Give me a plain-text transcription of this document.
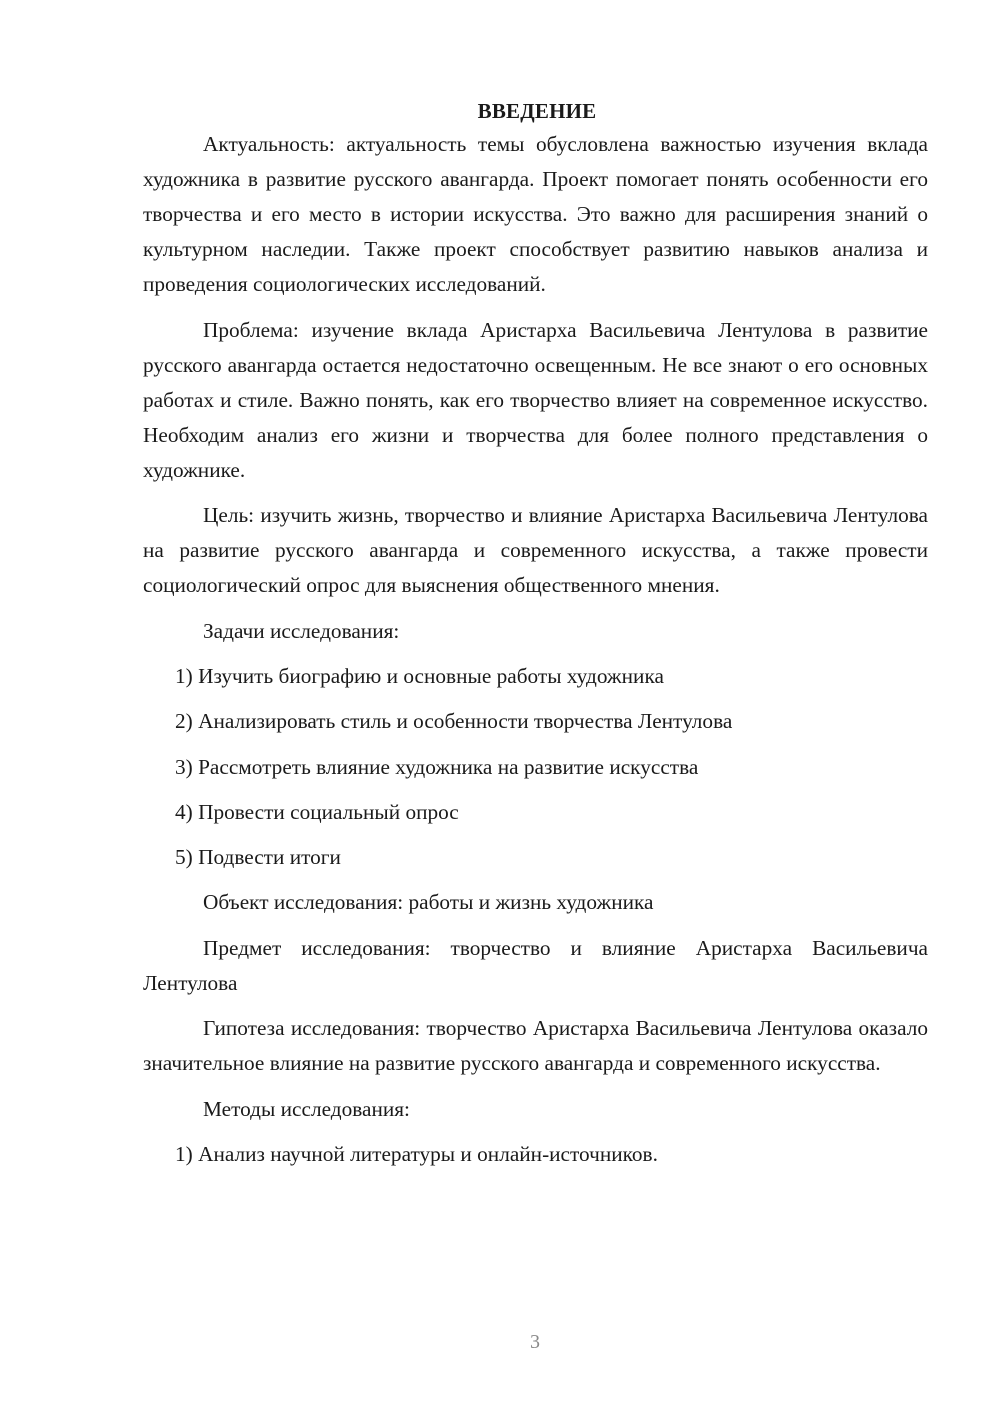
ВВЕДЕНИЕ

Актуальность: актуальность темы обусловлена важностью изучения вклада художника в развитие русского авангарда. Проект помогает понять особенности его творчества и его место в истории искусства. Это важно для расширения знаний о культурном наследии. Также проект способствует развитию навыков анализа и проведения социологических исследований.

Проблема: изучение вклада Аристарха Васильевича Лентулова в развитие русского авангарда остается недостаточно освещенным. Не все знают о его основных работах и стиле. Важно понять, как его творчество влияет на современное искусство. Необходим анализ его жизни и творчества для более полного представления о художнике.

Цель: изучить жизнь, творчество и влияние Аристарха Васильевича Лентулова на развитие русского авангарда и современного искусства, а также провести социологический опрос для выяснения общественного мнения.

Задачи исследования:

1) Изучить биографию и основные работы художника
2) Анализировать стиль и особенности творчества Лентулова
3) Рассмотреть влияние художника на развитие искусства
4) Провести социальный опрос
5) Подвести итоги

Объект исследования: работы и жизнь художника

Предмет исследования: творчество и влияние Аристарха Васильевича Лентулова

Гипотеза исследования: творчество Аристарха Васильевича Лентулова оказало значительное влияние на развитие русского авангарда и современного искусства.

Методы исследования:

1) Анализ научной литературы и онлайн-источников.
3
